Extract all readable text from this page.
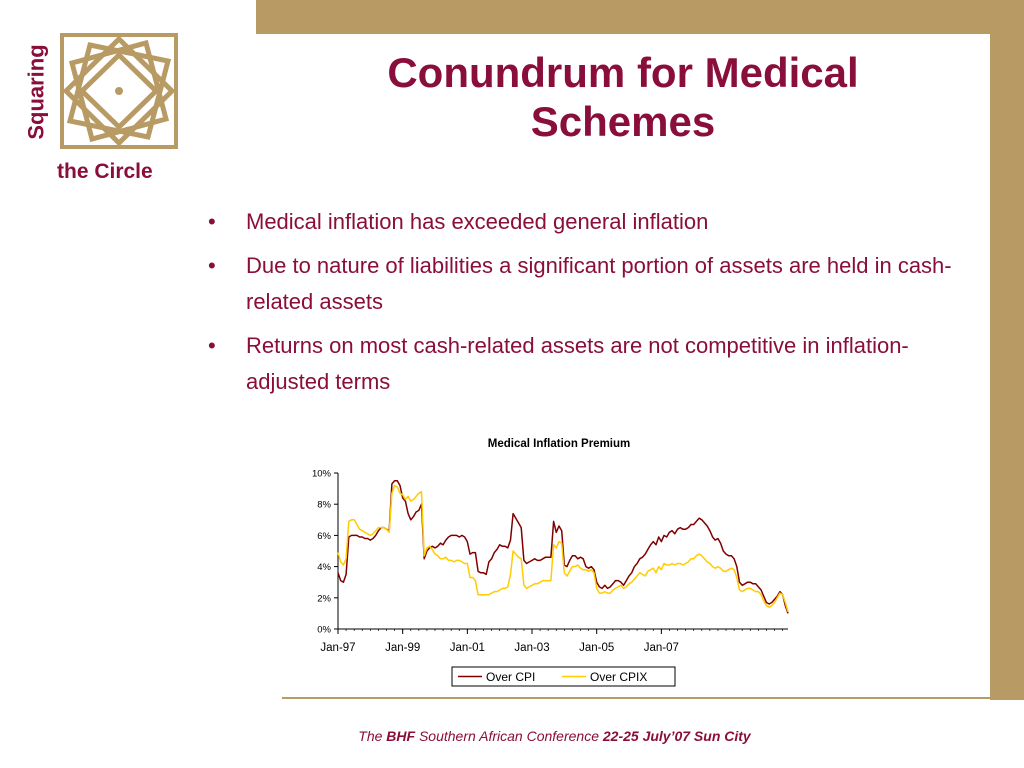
Squaring
the Circle
Conundrum for Medical
Schemes
• Medical inflation has exceeded general inflation
• Due to nature of liabilities a significant portion of assets are held in cash-related assets
• Returns on most cash-related assets are not competitive in inflation-adjusted terms
Medical Inflation Premium
0%
2%
4%
6%
8%
10%
Jan-97	Jan-99	Jan-01	Jan-03	Jan-05	Jan-07
Over CPI	Over CPIX
The BHF Southern African Conference 22-25 July’07 Sun City
